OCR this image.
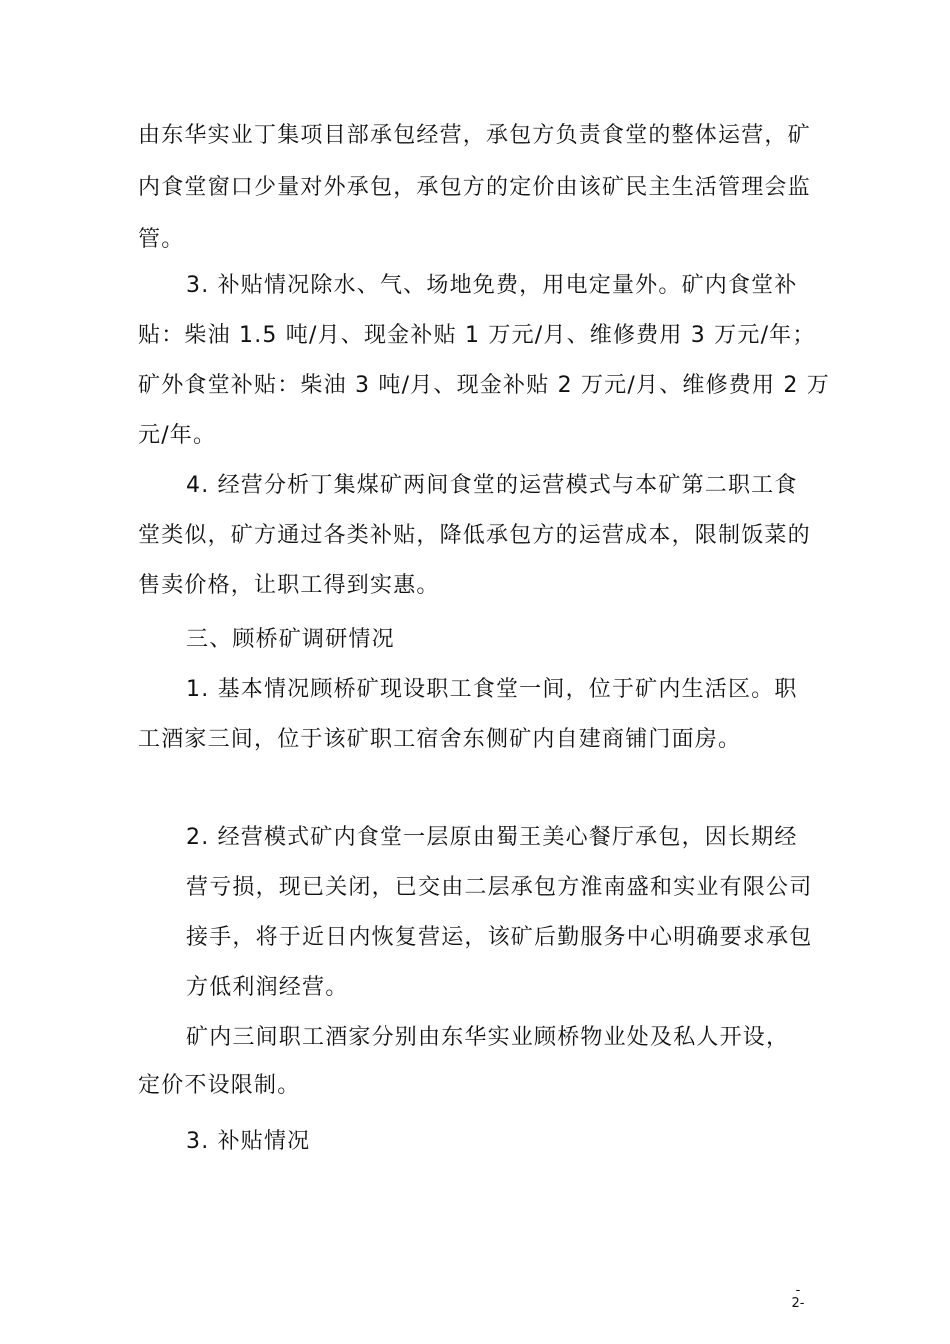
由东华实业丁集项目部承包经营，承包方负责食堂的整体运营，矿
内食堂窗口少量对外承包，承包方的定价由该矿民主生活管理会监
管。
3. 补贴情况除水、气、场地免费，用电定量外。矿内食堂补
贴：柴油 1.5 吨/月、现金补贴 1 万元/月、维修费用 3 万元/年；
矿外食堂补贴：柴油 3 吨/月、现金补贴 2 万元/月、维修费用 2 万
元/年。
4. 经营分析丁集煤矿两间食堂的运营模式与本矿第二职工食
堂类似，矿方通过各类补贴，降低承包方的运营成本，限制饭菜的
售卖价格，让职工得到实惠。
三、顾桥矿调研情况
1. 基本情况顾桥矿现设职工食堂一间，位于矿内生活区。职
工酒家三间，位于该矿职工宿舍东侧矿内自建商铺门面房。
2. 经营模式矿内食堂一层原由蜀王美心餐厅承包，因长期经
营亏损，现已关闭，已交由二层承包方淮南盛和实业有限公司
接手，将于近日内恢复营运，该矿后勤服务中心明确要求承包
方低利润经营。
矿内三间职工酒家分别由东华实业顾桥物业处及私人开设，
定价不设限制。
3. 补贴情况
-
2-
